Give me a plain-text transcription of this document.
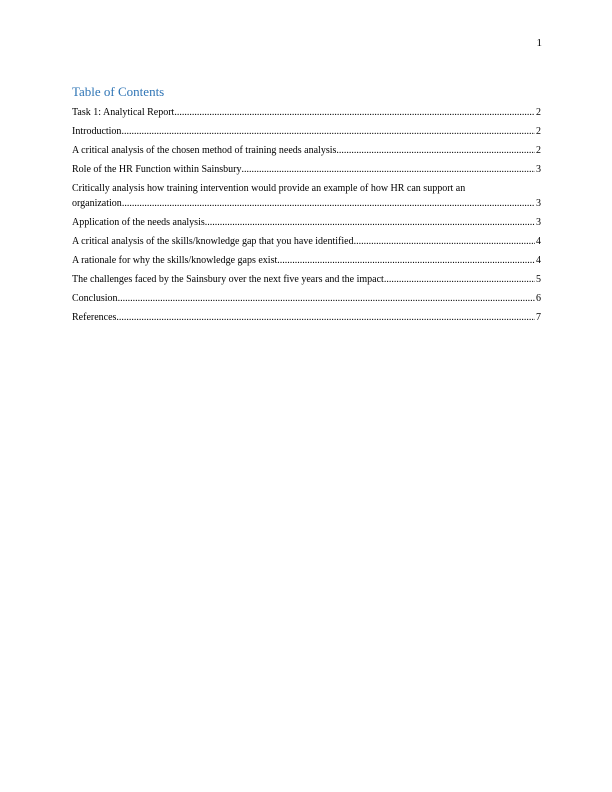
1
Table of Contents
Task 1: Analytical Report .....	2
Introduction .....	2
A critical analysis of the chosen method of training needs analysis .....	2
Role of the HR Function within Sainsbury .....	3
Critically analysis how training intervention would provide an example of how HR can support an
organization .....	3
Application of the needs analysis .....	3
A critical analysis of the skills/knowledge gap that you have identified .....	4
A rationale for why the skills/knowledge gaps exist .....	4
The challenges faced by the Sainsbury over the next five years and the impact .....	5
Conclusion .....	6
References .....	7
